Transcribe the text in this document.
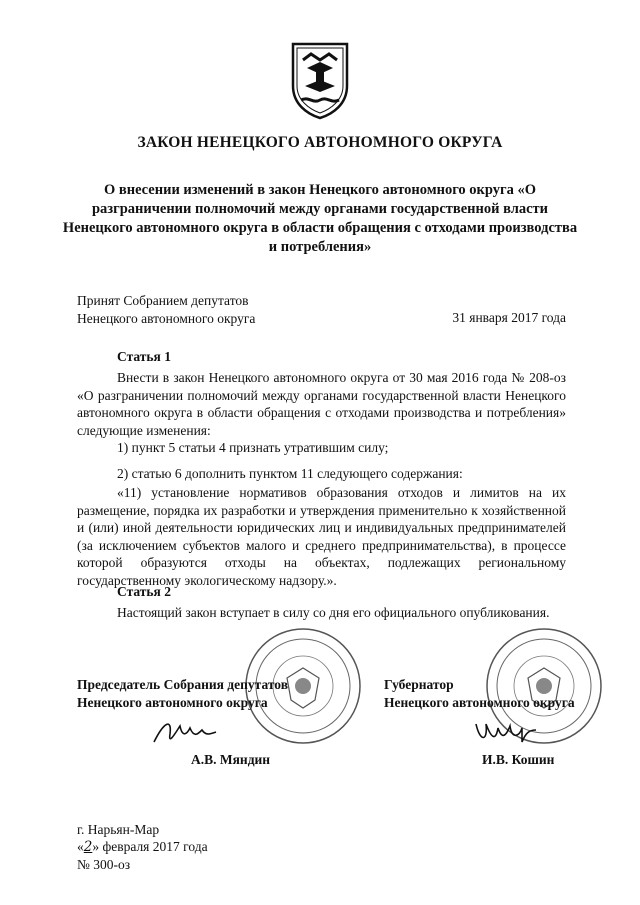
ЗАКОН НЕНЕЦКОГО АВТОНОМНОГО ОКРУГА
О внесении изменений в закон Ненецкого автономного округа «О разграничении полномочий между органами государственной власти Ненецкого автономного округа в области обращения с отходами производства и потребления»
Принят Собранием депутатов
Ненецкого автономного округа	31 января 2017 года
Статья 1
Внести в закон Ненецкого автономного округа от 30 мая 2016 года № 208-оз «О разграничении полномочий между органами государственной власти Ненецкого автономного округа в области обращения с отходами производства и потребления» следующие изменения:
1) пункт 5 статьи 4 признать утратившим силу;
2) статью 6 дополнить пунктом 11 следующего содержания:
«11) установление нормативов образования отходов и лимитов на их размещение, порядка их разработки и утверждения применительно к хозяйственной и (или) иной деятельности юридических лиц и индивидуальных предпринимателей (за исключением субъектов малого и среднего предпринимательства), в процессе которой образуются отходы на объектах, подлежащих региональному государственному экологическому надзору.».
Статья 2
Настоящий закон вступает в силу со дня его официального опубликования.
Председатель Собрания депутатов
Ненецкого автономного округа
Губернатор
Ненецкого автономного округа
А.В. Мяндин	И.В. Кошин
г. Нарьян-Мар
«2» февраля 2017 года
№ 300-оз
